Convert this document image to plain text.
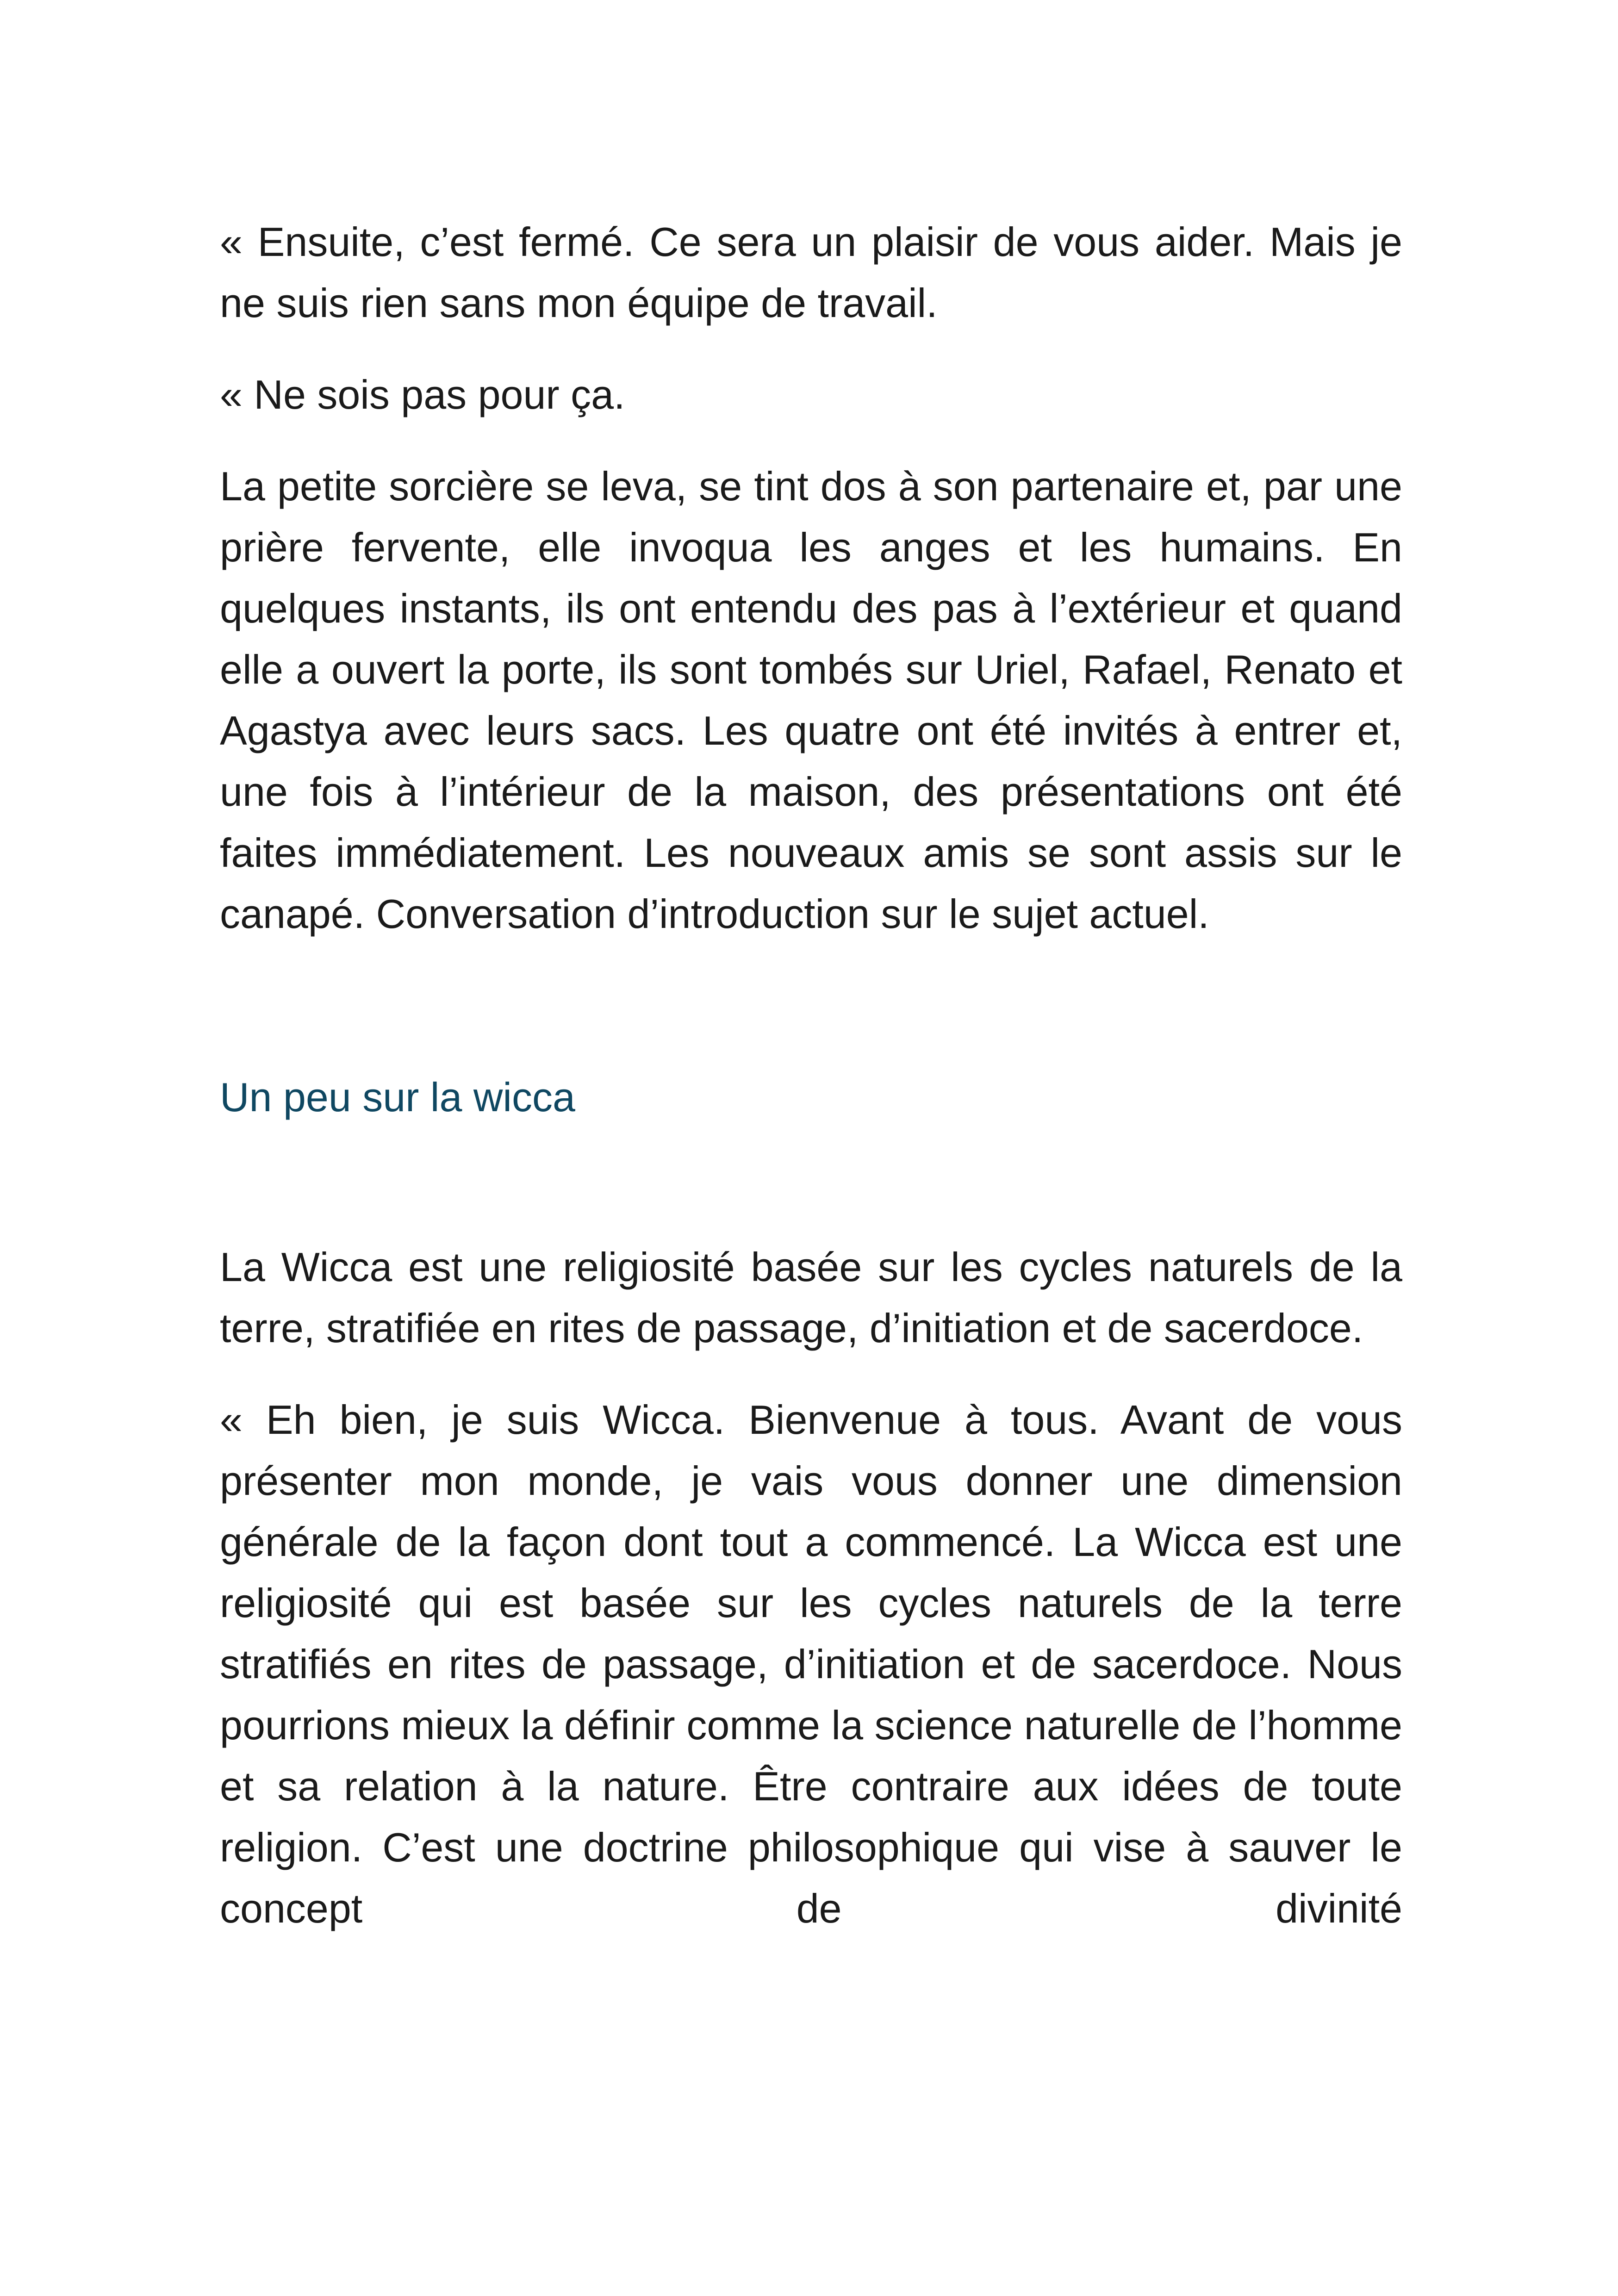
« Ensuite, c’est fermé. Ce sera un plaisir de vous aider. Mais je ne suis rien sans mon équipe de travail.

« Ne sois pas pour ça.

La petite sorcière se leva, se tint dos à son partenaire et, par une prière fervente, elle invoqua les anges et les humains. En quelques instants, ils ont entendu des pas à l’extérieur et quand elle a ouvert la porte, ils sont tombés sur Uriel, Rafael, Renato et Agastya avec leurs sacs. Les quatre ont été invités à entrer et, une fois à l’intérieur de la maison, des présentations ont été faites immédiatement. Les nouveaux amis se sont assis sur le canapé. Conversation d’introduction sur le sujet actuel.

Un peu sur la wicca

La Wicca est une religiosité basée sur les cycles naturels de la terre, stratifiée en rites de passage, d’initiation et de sacerdoce.

« Eh bien, je suis Wicca. Bienvenue à tous. Avant de vous présenter mon monde, je vais vous donner une dimension générale de la façon dont tout a commencé. La Wicca est une religiosité qui est basée sur les cycles naturels de la terre stratifiés en rites de passage, d’initiation et de sacerdoce. Nous pourrions mieux la définir comme la science naturelle de l’homme et sa relation à la nature. Être contraire aux idées de toute religion. C’est une doctrine philosophique qui vise à sauver le concept de divinité
